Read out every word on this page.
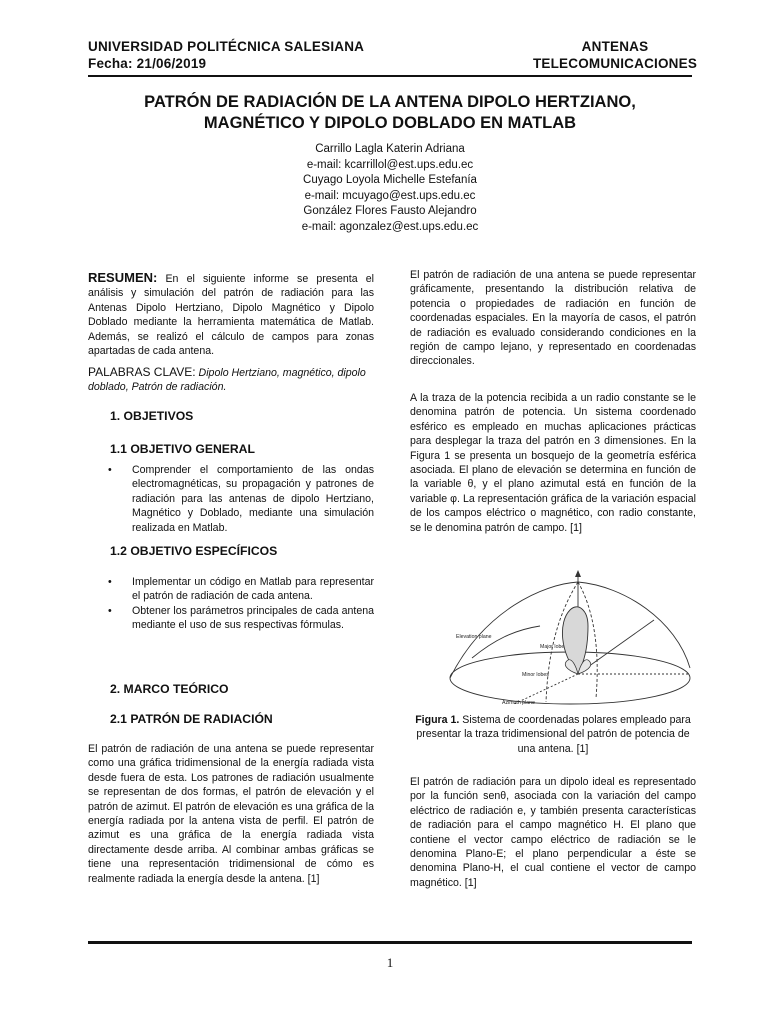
UNIVERSIDAD POLITÉCNICA SALESIANA
Fecha: 21/06/2019
ANTENAS
TELECOMUNICACIONES
PATRÓN DE RADIACIÓN DE LA ANTENA DIPOLO HERTZIANO,
MAGNÉTICO Y DIPOLO DOBLADO EN MATLAB
Carrillo Lagla Katerin Adriana
e-mail: kcarrillol@est.ups.edu.ec
Cuyago Loyola Michelle Estefanía
e-mail: mcuyago@est.ups.edu.ec
González Flores Fausto Alejandro
e-mail: agonzalez@est.ups.edu.ec
RESUMEN: En el siguiente informe se presenta el análisis y simulación del patrón de radiación para las Antenas Dipolo Hertziano, Dipolo Magnético y Dipolo Doblado mediante la herramienta matemática de Matlab. Además, se realizó el cálculo de campos para zonas apartadas de cada antena.
PALABRAS CLAVE: Dipolo Hertziano, magnético, dipolo doblado, Patrón de radiación.
1. OBJETIVOS
1.1 OBJETIVO GENERAL
• Comprender el comportamiento de las ondas electromagnéticas, su propagación y patrones de radiación para las antenas de dipolo Hertziano, Magnético y Doblado, mediante una simulación realizada en Matlab.
1.2 OBJETIVO ESPECÍFICOS
• Implementar un código en Matlab para representar el patrón de radiación de cada antena.
• Obtener los parámetros principales de cada antena mediante el uso de sus respectivas fórmulas.
2. MARCO TEÓRICO
2.1 PATRÓN DE RADIACIÓN
El patrón de radiación de una antena se puede representar como una gráfica tridimensional de la energía radiada vista desde fuera de esta. Los patrones de radiación usualmente se representan de dos formas, el patrón de elevación y el patrón de azimut. El patrón de elevación es una gráfica de la energía radiada por la antena vista de perfil. El patrón de azimut es una gráfica de la energía radiada vista directamente desde arriba. Al combinar ambas gráficas se tiene una representación tridimensional de cómo es realmente radiada la energía desde la antena. [1]
El patrón de radiación de una antena se puede representar gráficamente, presentando la distribución relativa de potencia o propiedades de radiación en función de coordenadas espaciales. En la mayoría de casos, el patrón de radiación es evaluado considerando condiciones en la región de campo lejano, y representado en coordenadas direccionales.
A la traza de la potencia recibida a un radio constante se le denomina patrón de potencia. Un sistema coordenado esférico es empleado en muchas aplicaciones prácticas para desplegar la traza del patrón en 3 dimensiones. En la Figura 1 se presenta un bosquejo de la geometría esférica asociada. El plano de elevación se determina en función de la variable θ, y el plano azimutal está en función de la variable φ. La representación gráfica de la variación espacial de los campos eléctrico o magnético, con radio constante, se le denomina patrón de campo. [1]
Elevation plane
Major lobe
Minor lobes
Azimuth plane
Figura 1. Sistema de coordenadas polares empleado para presentar la traza tridimensional del patrón de potencia de una antena. [1]
El patrón de radiación para un dipolo ideal es representado por la función senθ, asociada con la variación del campo eléctrico de radiación e, y también presenta características de radiación para el campo magnético H. El plano que contiene el vector campo eléctrico de radiación se le denomina Plano-E; el plano perpendicular a éste se denomina Plano-H, el cual contiene el vector de campo magnético. [1]
1
